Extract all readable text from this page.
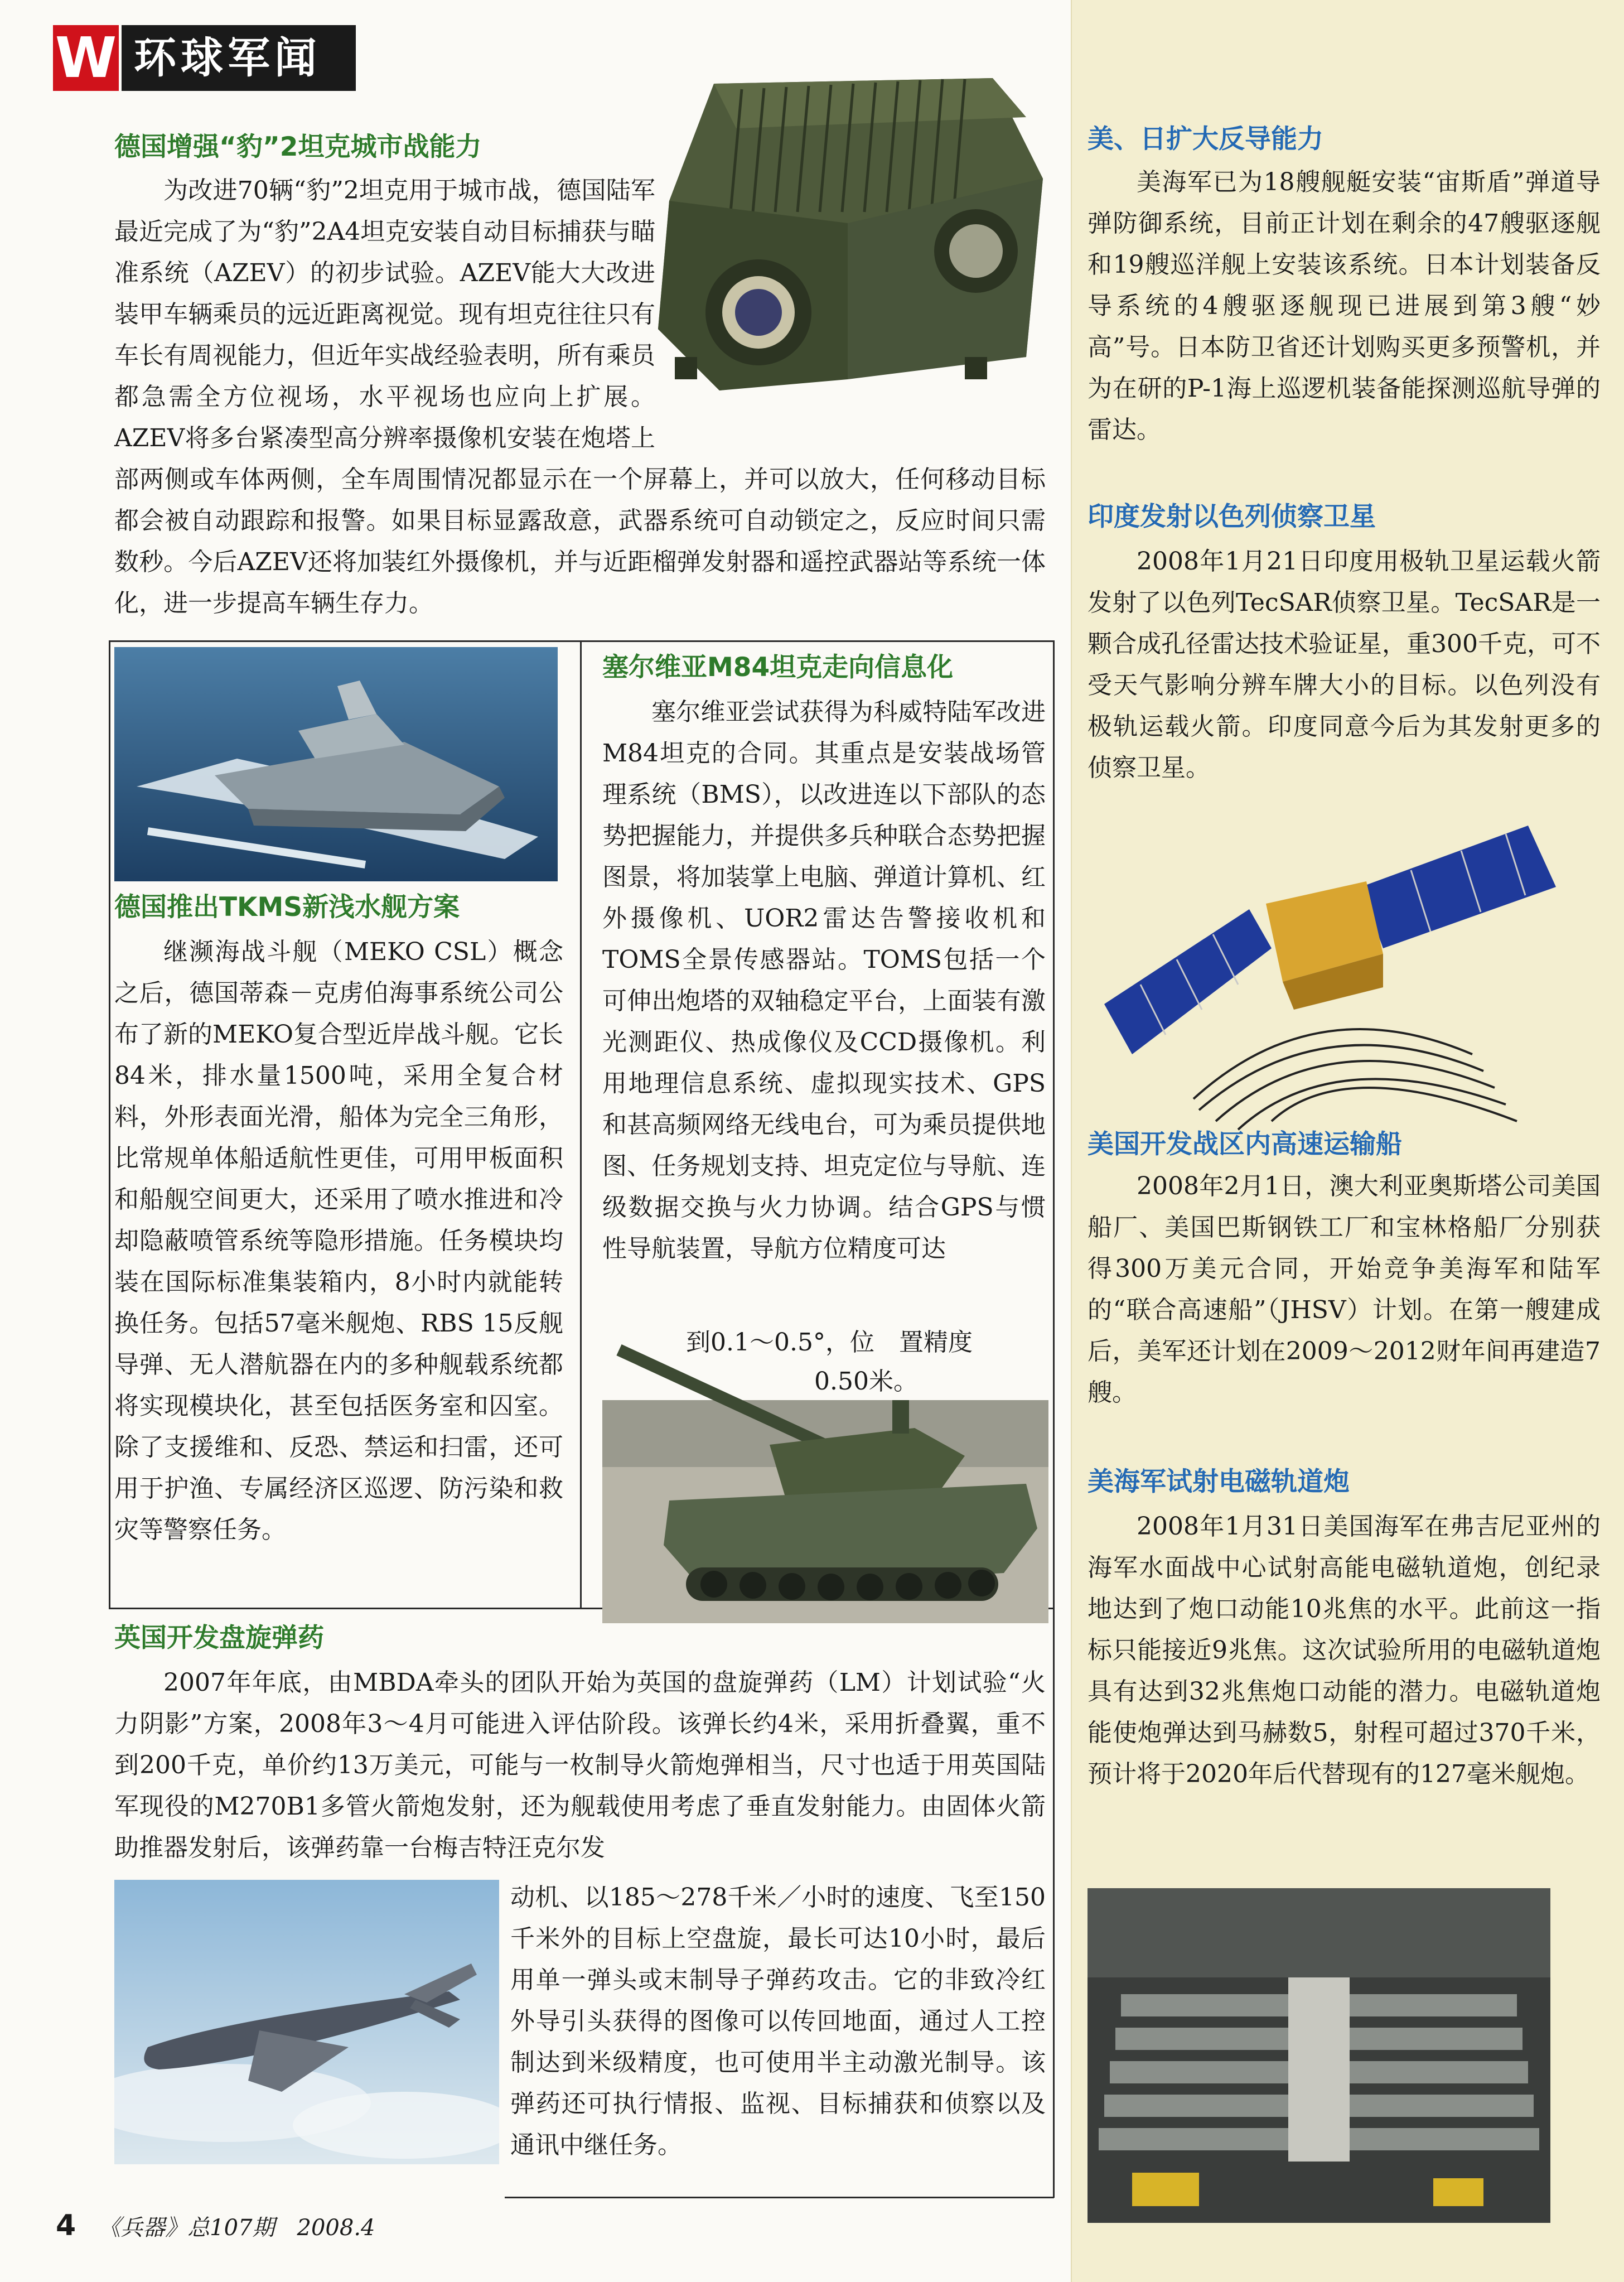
W 环球军闻
德国增强“豹”2坦克城市战能力

为改进70辆“豹”2坦克用于城市战，德国陆军最近完成了为“豹”2A4坦克安装自动目标捕获与瞄准系统（AZEV）的初步试验。AZEV能大大改进装甲车辆乘员的远近距离视觉。现有坦克往往只有车长有周视能力，但近年实战经验表明，所有乘员都急需全方位视场，水平视场也应向上扩展。AZEV将多台紧凑型高分辨率摄像机安装在炮塔上部两侧或车体两侧，全车周围情况都显示在一个屏幕上，并可以放大，任何移动目标都会被自动跟踪和报警。如果目标显露敌意，武器系统可自动锁定之，反应时间只需数秒。今后AZEV还将加装红外摄像机，并与近距榴弹发射器和遥控武器站等系统一体化，进一步提高车辆生存力。

德国推出TKMS新浅水舰方案

继濒海战斗舰（MEKO CSL）概念之后，德国蒂森－克虏伯海事系统公司公布了新的MEKO复合型近岸战斗舰。它长84米，排水量1500吨，采用全复合材料，外形表面光滑，船体为完全三角形，比常规单体船适航性更佳，可用甲板面积和船舰空间更大，还采用了喷水推进和冷却隐蔽喷管系统等隐形措施。任务模块均装在国际标准集装箱内，8小时内就能转换任务。包括57毫米舰炮、RBS 15反舰导弹、无人潜航器在内的多种舰载系统都将实现模块化，甚至包括医务室和囚室。除了支援维和、反恐、禁运和扫雷，还可用于护渔、专属经济区巡逻、防污染和救灾等警察任务。

塞尔维亚M84坦克走向信息化

塞尔维亚尝试获得为科威特陆军改进M84坦克的合同。其重点是安装战场管理系统（BMS），以改进连以下部队的态势把握能力，并提供多兵种联合态势把握图景，将加装掌上电脑、弹道计算机、红外摄像机、UOR2雷达告警接收机和TOMS全景传感器站。TOMS包括一个可伸出炮塔的双轴稳定平台，上面装有激光测距仪、热成像仪及CCD摄像机。利用地理信息系统、虚拟现实技术、GPS和甚高频网络无线电台，可为乘员提供地图、任务规划支持、坦克定位与导航、连级数据交换与火力协调。结合GPS与惯性导航装置，导航方位精度可达

到0.1～0.5°，位　置精度
0.50米。
英国开发盘旋弹药

2007年年底，由MBDA牵头的团队开始为英国的盘旋弹药（LM）计划试验“火力阴影”方案，2008年3～4月可能进入评估阶段。该弹长约4米，采用折叠翼，重不到200千克，单价约13万美元，可能与一枚制导火箭炮弹相当，尺寸也适于用英国陆军现役的M270B1多管火箭炮发射，还为舰载使用考虑了垂直发射能力。由固体火箭助推器发射后，该弹药靠一台梅吉特汪克尔发

动机、以185～278千米／小时的速度、飞至150千米外的目标上空盘旋，最长可达10小时，最后用单一弹头或末制导子弹药攻击。它的非致冷红外导引头获得的图像可以传回地面，通过人工控制达到米级精度，也可使用半主动激光制导。该弹药还可执行情报、监视、目标捕获和侦察以及通讯中继任务。

美、日扩大反导能力

美海军已为18艘舰艇安装“宙斯盾”弹道导弹防御系统，目前正计划在剩余的47艘驱逐舰和19艘巡洋舰上安装该系统。日本计划装备反导系统的4艘驱逐舰现已进展到第3艘“妙高”号。日本防卫省还计划购买更多预警机，并为在研的P-1海上巡逻机装备能探测巡航导弹的雷达。

印度发射以色列侦察卫星

2008年1月21日印度用极轨卫星运载火箭发射了以色列TecSAR侦察卫星。TecSAR是一颗合成孔径雷达技术验证星，重300千克，可不受天气影响分辨车牌大小的目标。以色列没有极轨运载火箭。印度同意今后为其发射更多的侦察卫星。

美国开发战区内高速运输船

2008年2月1日，澳大利亚奥斯塔公司美国船厂、美国巴斯钢铁工厂和宝林格船厂分别获得300万美元合同，开始竞争美海军和陆军的“联合高速船”（JHSV）计划。在第一艘建成后，美军还计划在2009～2012财年间再建造7艘。

美海军试射电磁轨道炮

2008年1月31日美国海军在弗吉尼亚州的海军水面战中心试射高能电磁轨道炮，创纪录地达到了炮口动能10兆焦的水平。此前这一指标只能接近9兆焦。这次试验所用的电磁轨道炮具有达到32兆焦炮口动能的潜力。电磁轨道炮能使炮弹达到马赫数5，射程可超过370千米，预计将于2020年后代替现有的127毫米舰炮。

4 《兵器》总107期　2008.4
